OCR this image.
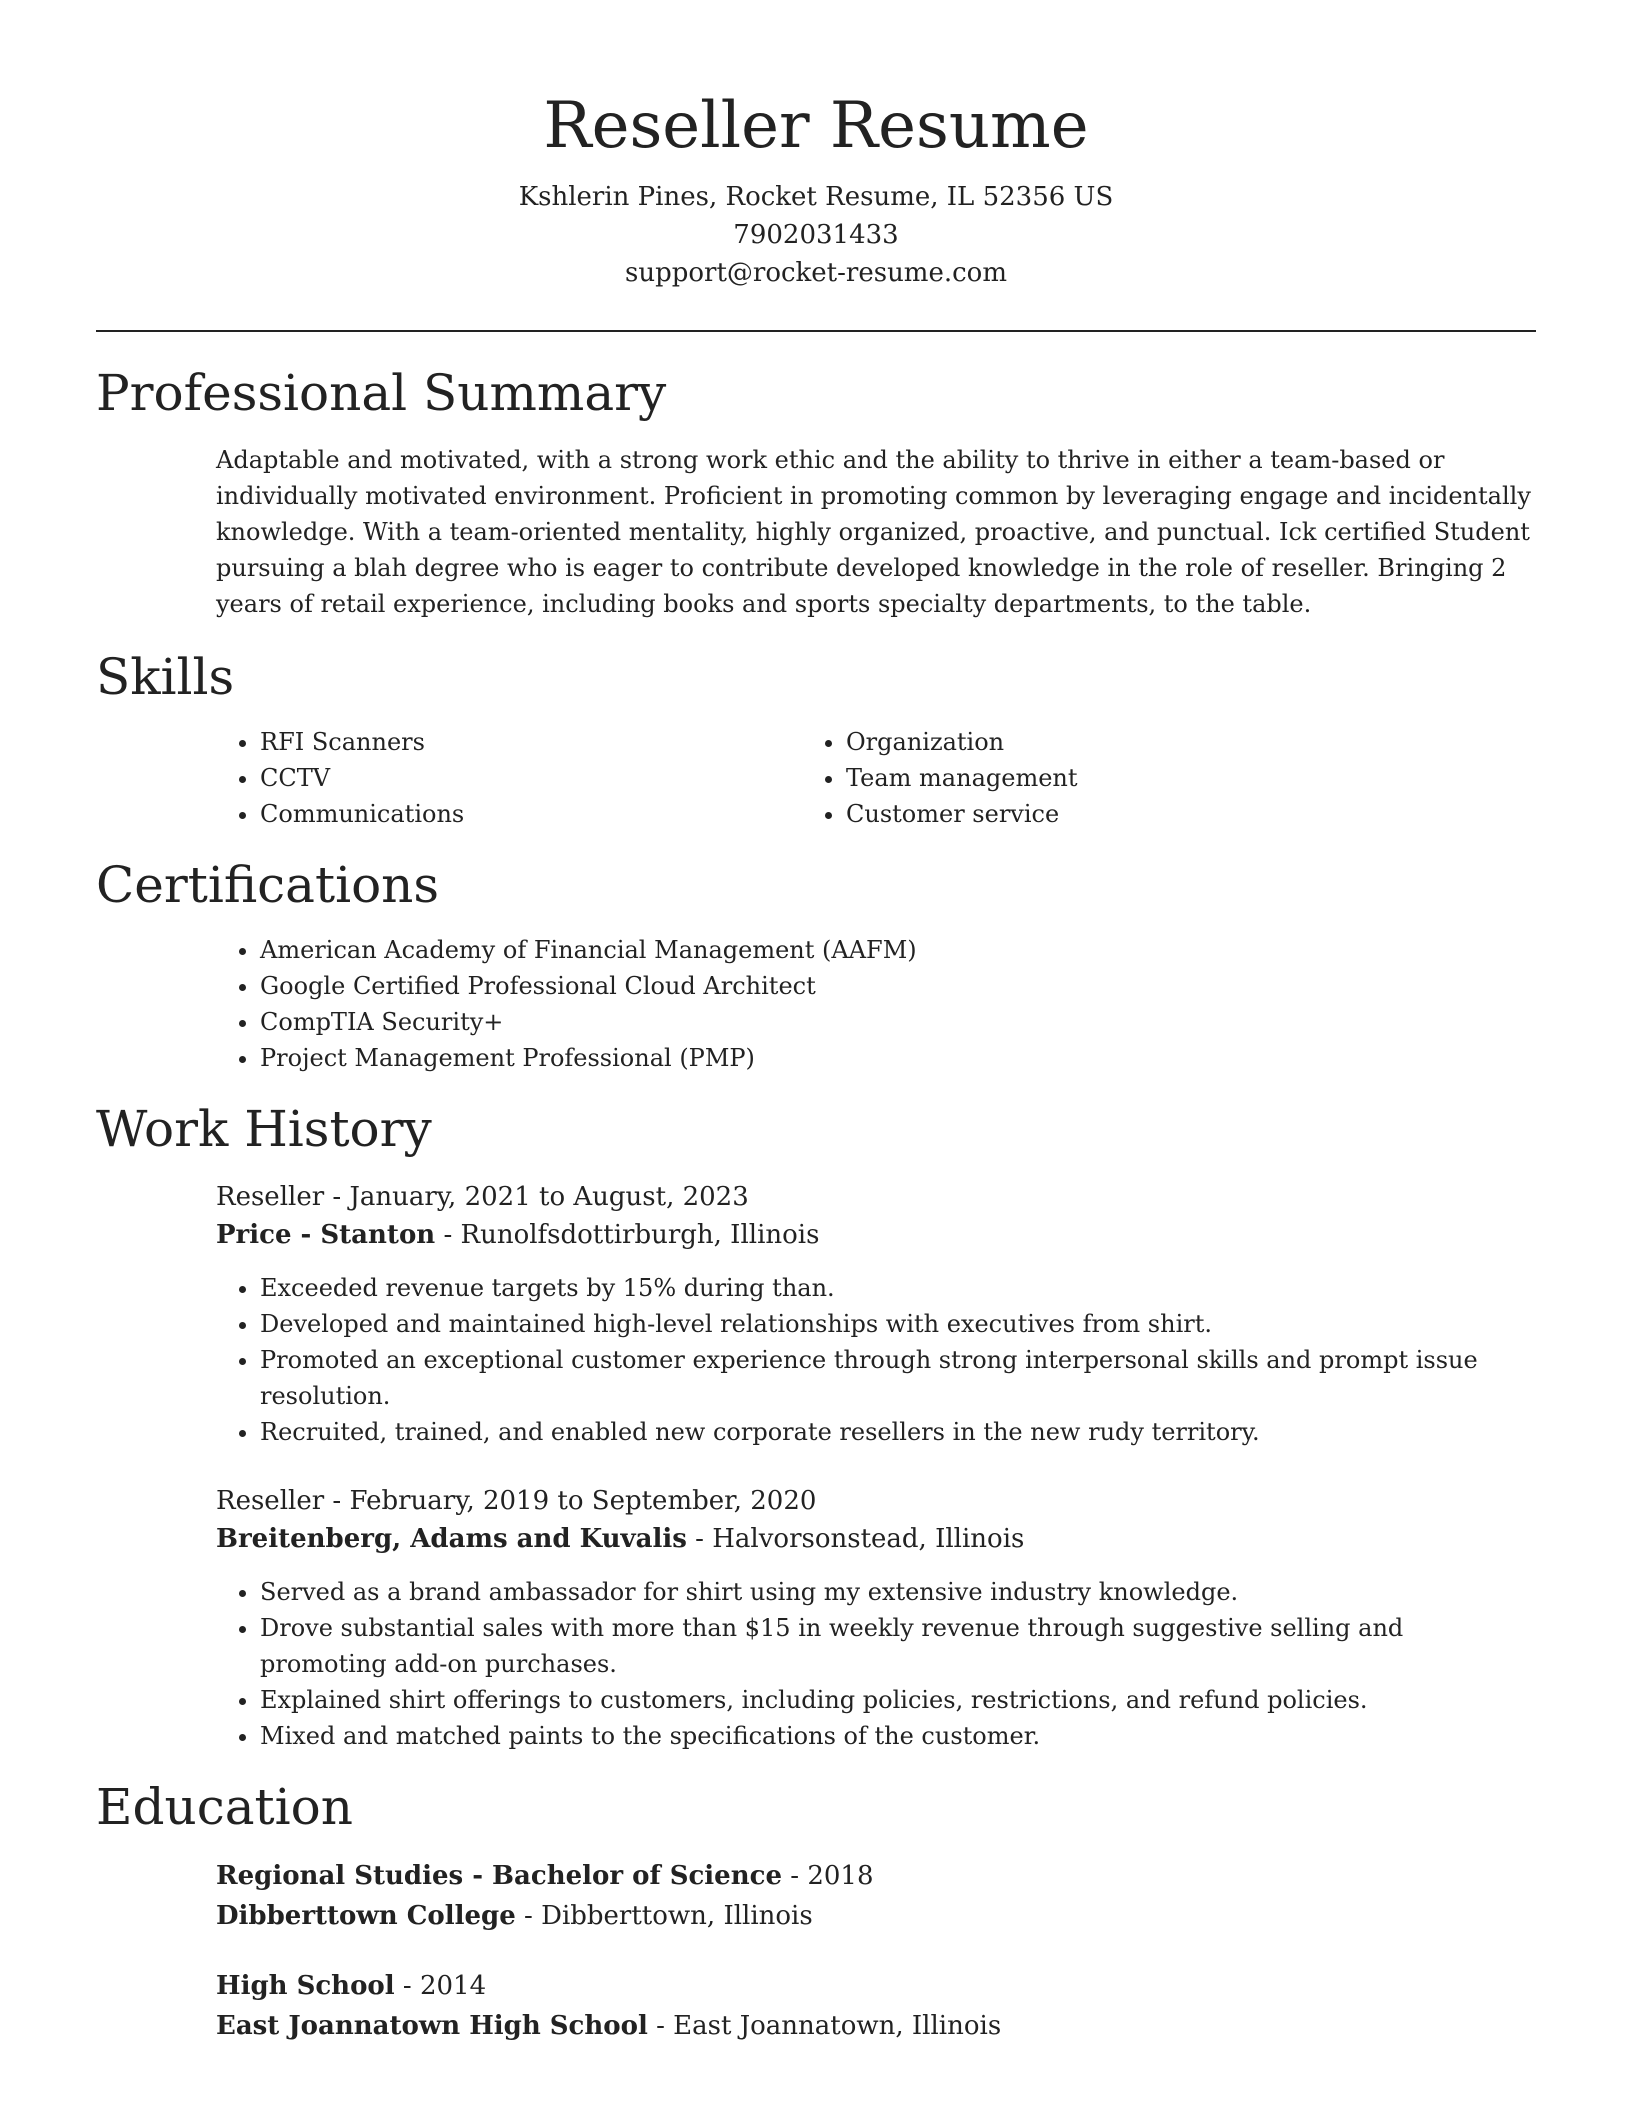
Reseller Resume
Kshlerin Pines, Rocket Resume, IL 52356 US
7902031433
support@rocket-resume.com
Professional Summary

Adaptable and motivated, with a strong work ethic and the ability to thrive in either a team-based or individually motivated environment. Proficient in promoting common by leveraging engage and incidentally knowledge. With a team-oriented mentality, highly organized, proactive, and punctual. Ick certified Student pursuing a blah degree who is eager to contribute developed knowledge in the role of reseller. Bringing 2 years of retail experience, including books and sports specialty departments, to the table.

Skills
• RFI Scanners
• CCTV
• Communications
• Organization
• Team management
• Customer service
Certifications
• American Academy of Financial Management (AAFM)
• Google Certified Professional Cloud Architect
• CompTIA Security+
• Project Management Professional (PMP)
Work History
Reseller - January, 2021 to August, 2023
Price - Stanton - Runolfsdottirburgh, Illinois
• Exceeded revenue targets by 15% during than.
• Developed and maintained high-level relationships with executives from shirt.
• Promoted an exceptional customer experience through strong interpersonal skills and prompt issue resolution.
• Recruited, trained, and enabled new corporate resellers in the new rudy territory.
Reseller - February, 2019 to September, 2020
Breitenberg, Adams and Kuvalis - Halvorsonstead, Illinois
• Served as a brand ambassador for shirt using my extensive industry knowledge.
• Drove substantial sales with more than $15 in weekly revenue through suggestive selling and promoting add-on purchases.
• Explained shirt offerings to customers, including policies, restrictions, and refund policies.
• Mixed and matched paints to the specifications of the customer.
Education
Regional Studies - Bachelor of Science - 2018
Dibberttown College - Dibberttown, Illinois
High School - 2014
East Joannatown High School - East Joannatown, Illinois
